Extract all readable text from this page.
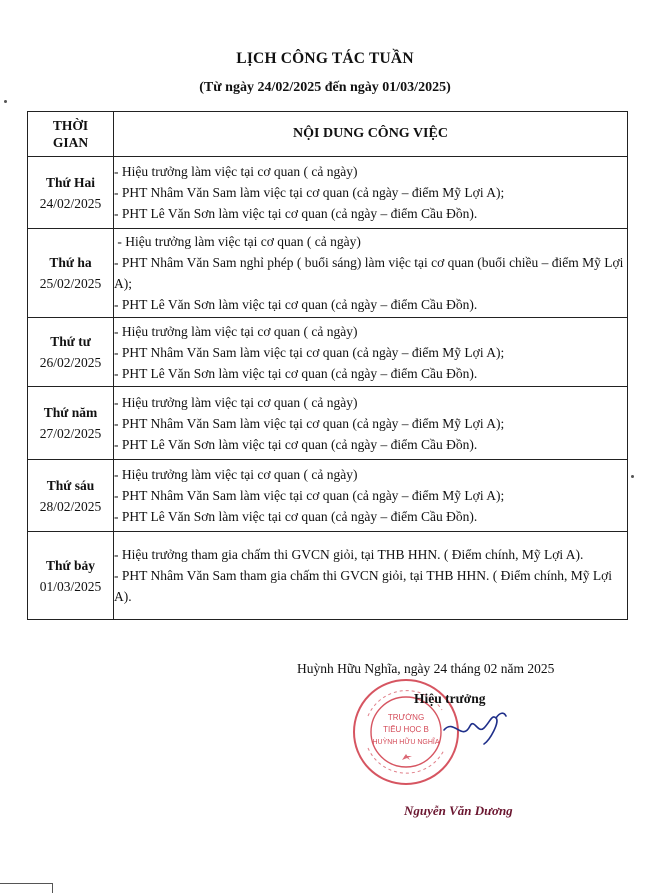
LỊCH CÔNG TÁC TUẦN
(Từ ngày 24/02/2025 đến ngày 01/03/2025)
THỜI
GIAN	NỘI DUNG CÔNG VIỆC

Thứ Hai
24/02/2025	- Hiệu trưởng làm việc tại cơ quan ( cả ngày)
- PHT Nhâm Văn Sam làm việc tại cơ quan (cả ngày – điểm Mỹ Lợi A);
- PHT Lê Văn Sơn làm việc tại cơ quan (cả ngày – điểm Cầu Đồn).

Thứ ha
25/02/2025	- Hiệu trưởng làm việc tại cơ quan ( cả ngày)
- PHT Nhâm Văn Sam nghỉ phép ( buổi sáng) làm việc tại cơ quan (buổi chiều – điểm Mỹ Lợi A);
- PHT Lê Văn Sơn làm việc tại cơ quan (cả ngày – điểm Cầu Đồn).

Thứ tư
26/02/2025	- Hiệu trưởng làm việc tại cơ quan ( cả ngày)
- PHT Nhâm Văn Sam làm việc tại cơ quan (cả ngày – điểm Mỹ Lợi A);
- PHT Lê Văn Sơn làm việc tại cơ quan (cả ngày – điểm Cầu Đồn).

Thứ năm
27/02/2025	- Hiệu trưởng làm việc tại cơ quan ( cả ngày)
- PHT Nhâm Văn Sam làm việc tại cơ quan (cả ngày – điểm Mỹ Lợi A);
- PHT Lê Văn Sơn làm việc tại cơ quan (cả ngày – điểm Cầu Đồn).

Thứ sáu
28/02/2025	- Hiệu trưởng làm việc tại cơ quan ( cả ngày)
- PHT Nhâm Văn Sam làm việc tại cơ quan (cả ngày – điểm Mỹ Lợi A);
- PHT Lê Văn Sơn làm việc tại cơ quan (cả ngày – điểm Cầu Đồn).

Thứ bảy
01/03/2025	- Hiệu trưởng tham gia chấm thi GVCN giỏi, tại THB HHN. ( Điểm chính, Mỹ Lợi A).
- PHT Nhâm Văn Sam tham gia chấm thi GVCN giỏi, tại THB HHN. ( Điểm chính, Mỹ Lợi A).
Huỳnh Hữu Nghĩa, ngày 24 tháng 02 năm 2025
TRƯỜNG
TIỂU HỌC B
HUỲNH HỮU NGHĨA
Hiệu trưởng
Nguyễn Văn Dương
